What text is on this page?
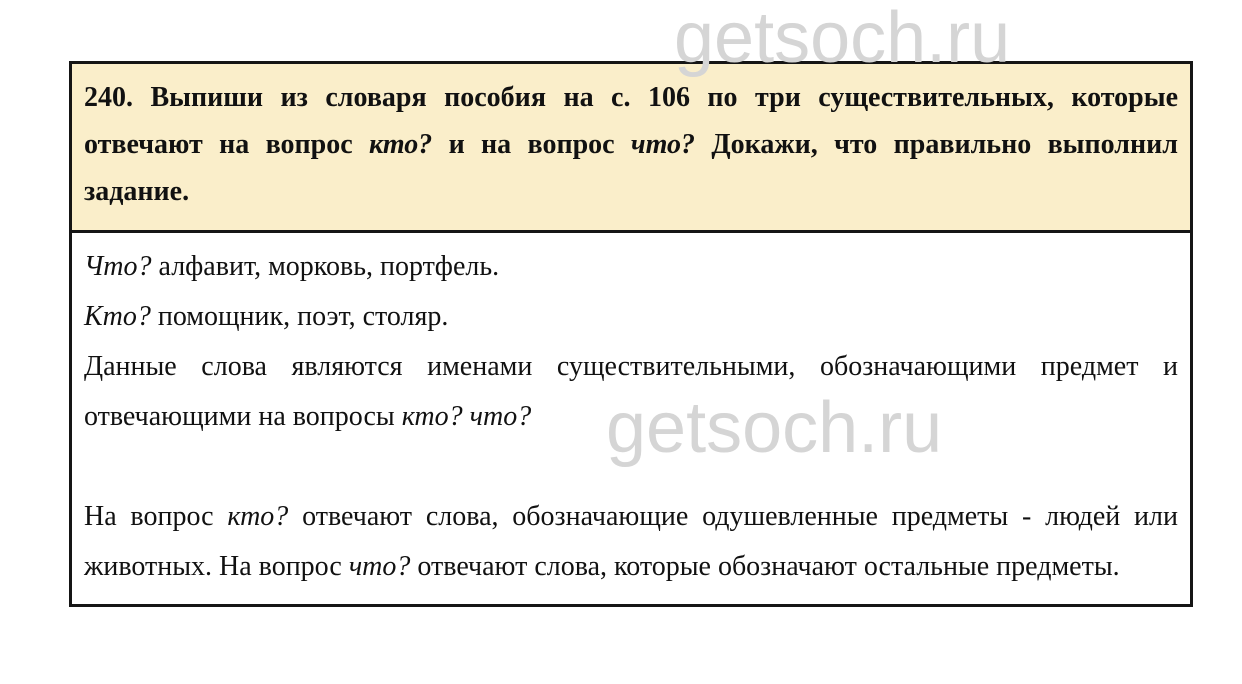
getsoch.ru
getsoch.ru

240. Выпиши из словаря пособия на с. 106 по три существительных, которые отвечают на вопрос кто? и на вопрос что? Докажи, что правильно выполнил задание.

Что? алфавит, морковь, портфель.

Кто? помощник, поэт, столяр.

Данные слова являются именами существительными, обозначающими предмет и отвечающими на вопросы кто? что?

На вопрос кто? отвечают слова, обозначающие одушевленные предметы - людей или животных. На вопрос что? отвечают слова, которые обозначают остальные предметы.
